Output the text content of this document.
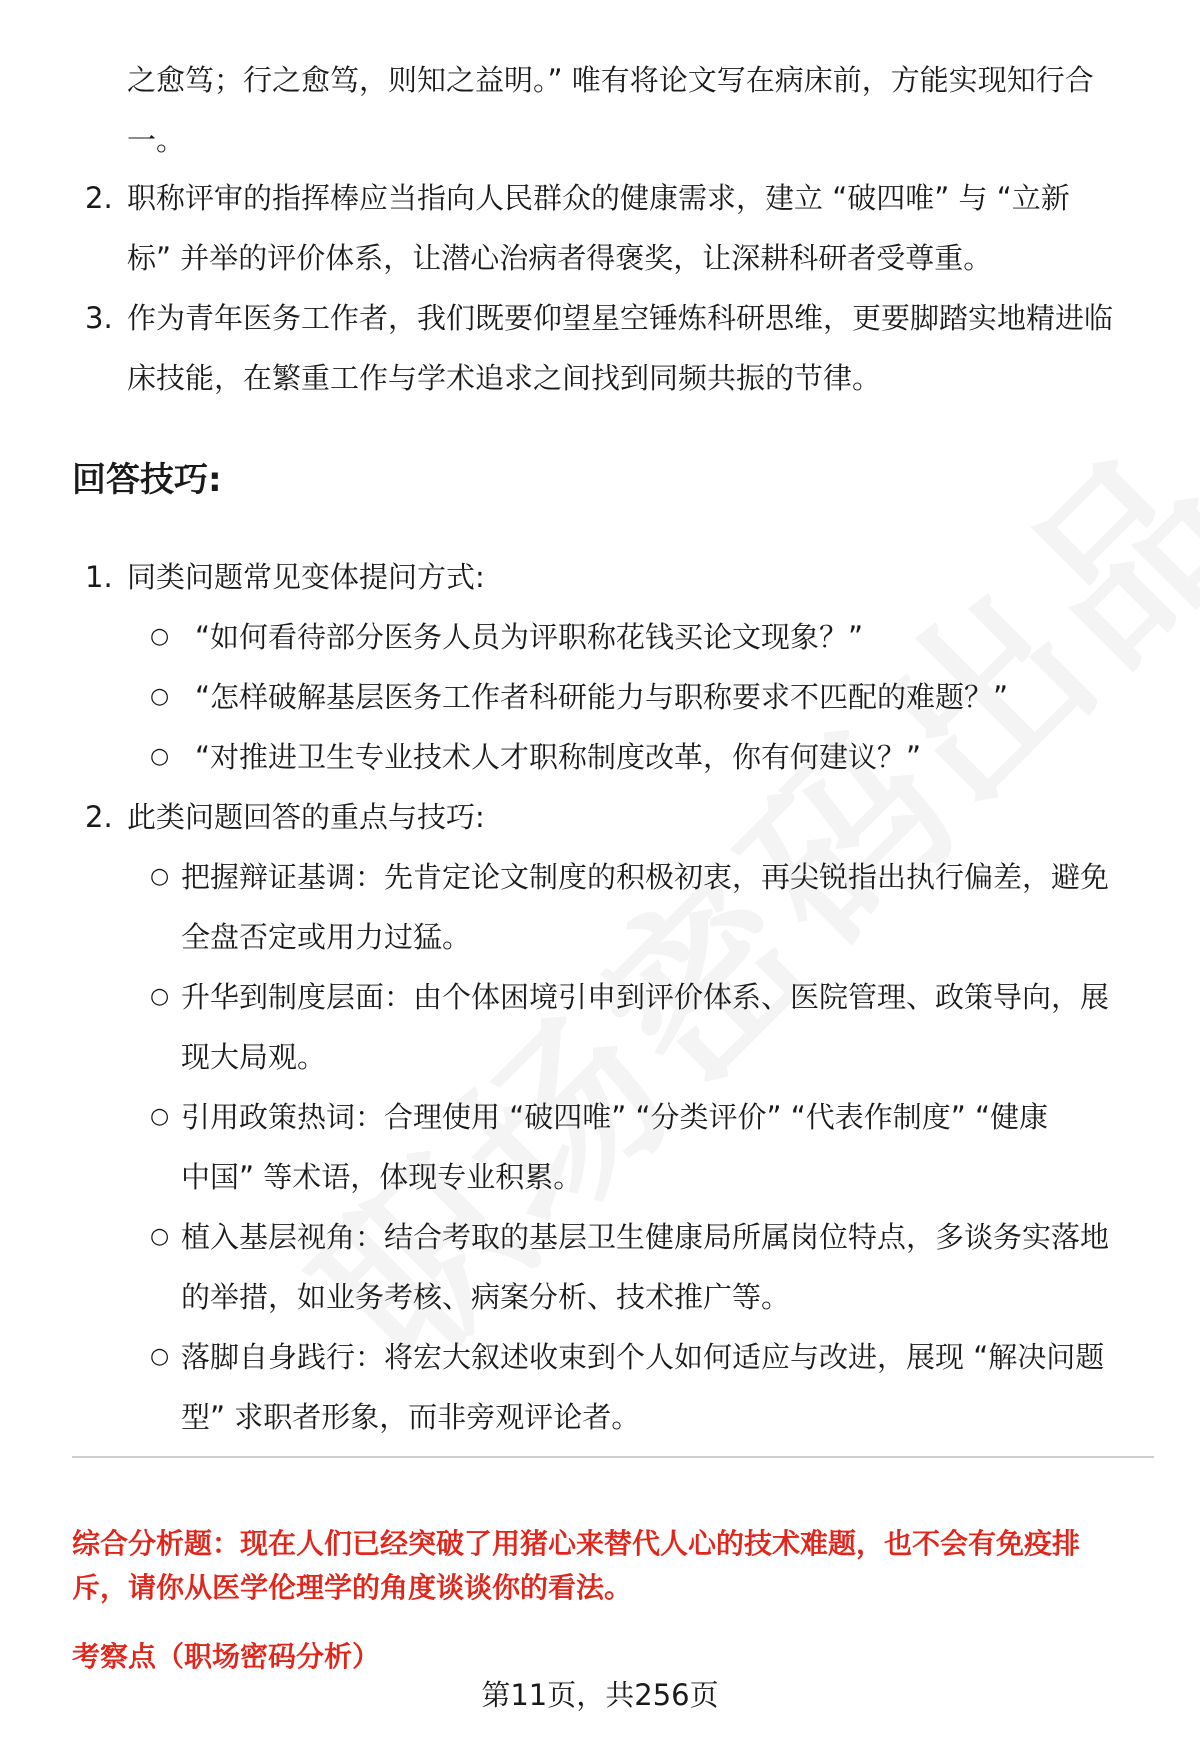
之愈笃；行之愈笃，则知之益明。” 唯有将论文写在病床前，方能实现知行合
一。
2. 职称评审的指挥棒应当指向人民群众的健康需求，建立 “破四唯” 与 “立新
标” 并举的评价体系，让潜心治病者得褒奖，让深耕科研者受尊重。
3. 作为青年医务工作者，我们既要仰望星空锤炼科研思维，更要脚踏实地精进临
床技能，在繁重工作与学术追求之间找到同频共振的节律。
回答技巧:
1. 同类问题常见变体提问方式:
○ “如何看待部分医务人员为评职称花钱买论文现象？”
○ “怎样破解基层医务工作者科研能力与职称要求不匹配的难题？”
○ “对推进卫生专业技术人才职称制度改革，你有何建议？”
2. 此类问题回答的重点与技巧:
○ 把握辩证基调：先肯定论文制度的积极初衷，再尖锐指出执行偏差，避免
全盘否定或用力过猛。
○ 升华到制度层面：由个体困境引申到评价体系、医院管理、政策导向，展
现大局观。
○ 引用政策热词：合理使用 “破四唯” “分类评价” “代表作制度” “健康
中国” 等术语，体现专业积累。
○ 植入基层视角：结合考取的基层卫生健康局所属岗位特点，多谈务实落地
的举措，如业务考核、病案分析、技术推广等。
○ 落脚自身践行：将宏大叙述收束到个人如何适应与改进，展现 “解决问题
型” 求职者形象，而非旁观评论者。
综合分析题：现在人们已经突破了用猪心来替代人心的技术难题，也不会有免疫排
斥，请你从医学伦理学的角度谈谈你的看法。
考察点（职场密码分析）
第11页，共256页
